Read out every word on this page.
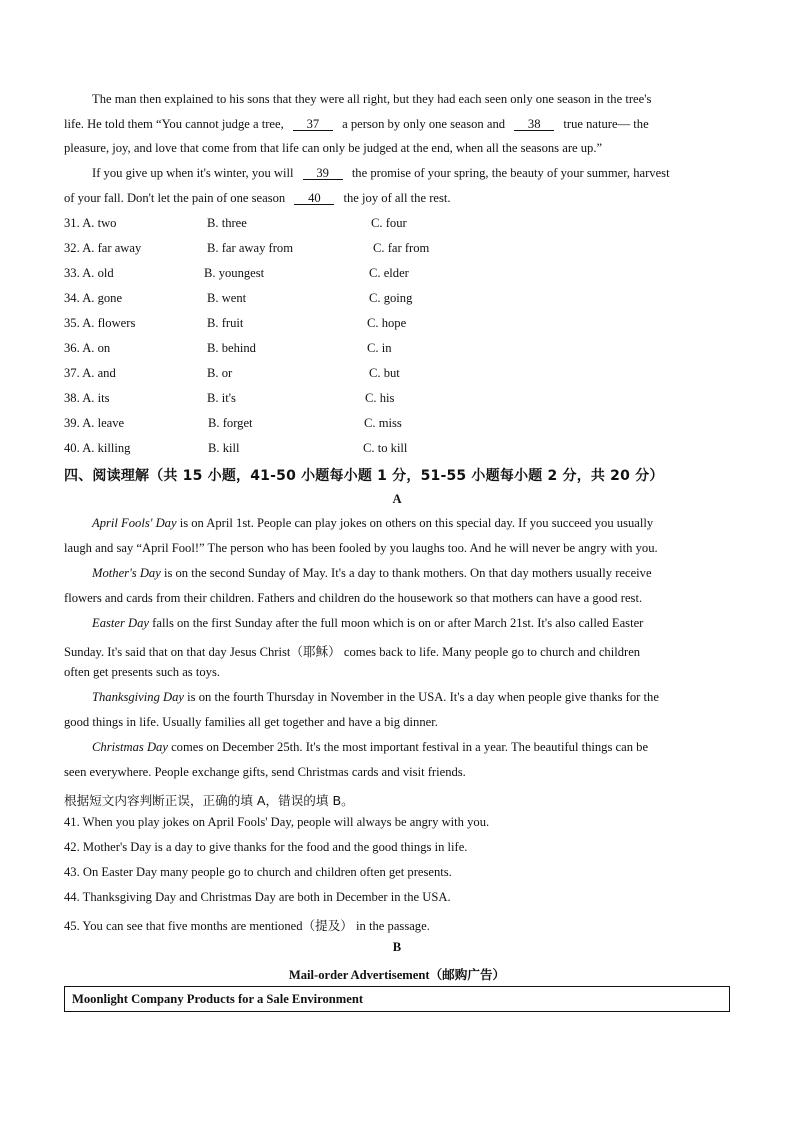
The man then explained to his sons that they were all right, but they had each seen only one season in the tree's
life. He told them “You cannot judge a tree, 37 a person by only one season and 38 true nature— the
pleasure, joy, and love that come from that life can only be judged at the end, when all the seasons are up.”
If you give up when it's winter, you will 39 the promise of your spring, the beauty of your summer, harvest
of your fall. Don't let the pain of one season 40 the joy of all the rest.
31. A. two	B. three	C. four
32. A. far away	B. far away from	C. far from
33. A. old	B. youngest	C. elder
34. A. gone	B. went	C. going
35. A. flowers	B. fruit	C. hope
36. A. on	B. behind	C. in
37. A. and	B. or	C. but
38. A. its	B. it's	C. his
39. A. leave	B. forget	C. miss
40. A. killing	B. kill	C. to kill
四、阅读理解（共 15 小题，41-50 小题每小题 1 分，51-55 小题每小题 2 分，共 20 分）
A
April Fools' Day is on April 1st. People can play jokes on others on this special day. If you succeed you usually
laugh and say “April Fool!” The person who has been fooled by you laughs too. And he will never be angry with you.
Mother's Day is on the second Sunday of May. It's a day to thank mothers. On that day mothers usually receive
flowers and cards from their children. Fathers and children do the housework so that mothers can have a good rest.
Easter Day falls on the first Sunday after the full moon which is on or after March 21st. It's also called Easter
Sunday. It's said that on that day Jesus Christ（耶稣） comes back to life. Many people go to church and children
often get presents such as toys.
Thanksgiving Day is on the fourth Thursday in November in the USA. It's a day when people give thanks for the
good things in life. Usually families all get together and have a big dinner.
Christmas Day comes on December 25th. It's the most important festival in a year. The beautiful things can be
seen everywhere. People exchange gifts, send Christmas cards and visit friends.
根据短文内容判断正误，正确的填 A，错误的填 B。
41. When you play jokes on April Fools' Day, people will always be angry with you.
42. Mother's Day is a day to give thanks for the food and the good things in life.
43. On Easter Day many people go to church and children often get presents.
44. Thanksgiving Day and Christmas Day are both in December in the USA.
45. You can see that five months are mentioned（提及） in the passage.
B
Mail-order Advertisement（邮购广告）
Moonlight Company Products for a Sale Environment
